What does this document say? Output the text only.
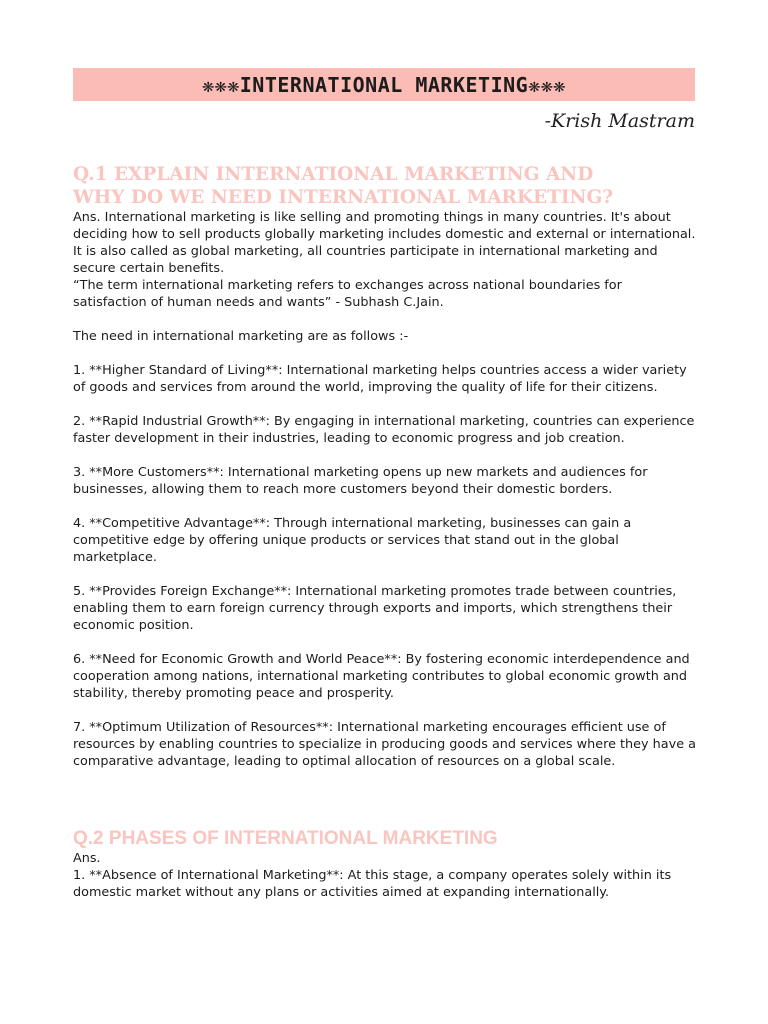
❋❋❋INTERNATIONAL MARKETING❋❋❋
-Krish Mastram
Q.1 EXPLAIN INTERNATIONAL MARKETING AND
WHY DO WE NEED INTERNATIONAL MARKETING?

Ans. International marketing is like selling and promoting things in many countries. It's about deciding how to sell products globally marketing includes domestic and external or international. It is also called as global marketing, all countries participate in international marketing and secure certain benefits.

“The term international marketing refers to exchanges across national boundaries for satisfaction of human needs and wants” - Subhash C.Jain.

The need in international marketing are as follows :-

1. **Higher Standard of Living**: International marketing helps countries access a wider variety of goods and services from around the world, improving the quality of life for their citizens.

2. **Rapid Industrial Growth**: By engaging in international marketing, countries can experience faster development in their industries, leading to economic progress and job creation.

3. **More Customers**: International marketing opens up new markets and audiences for businesses, allowing them to reach more customers beyond their domestic borders.

4. **Competitive Advantage**: Through international marketing, businesses can gain a competitive edge by offering unique products or services that stand out in the global marketplace.

5. **Provides Foreign Exchange**: International marketing promotes trade between countries, enabling them to earn foreign currency through exports and imports, which strengthens their economic position.

6. **Need for Economic Growth and World Peace**: By fostering economic interdependence and cooperation among nations, international marketing contributes to global economic growth and stability, thereby promoting peace and prosperity.

7. **Optimum Utilization of Resources**: International marketing encourages efficient use of resources by enabling countries to specialize in producing goods and services where they have a comparative advantage, leading to optimal allocation of resources on a global scale.

Q.2 PHASES OF INTERNATIONAL MARKETING

Ans.

1. **Absence of International Marketing**: At this stage, a company operates solely within its domestic market without any plans or activities aimed at expanding internationally.
